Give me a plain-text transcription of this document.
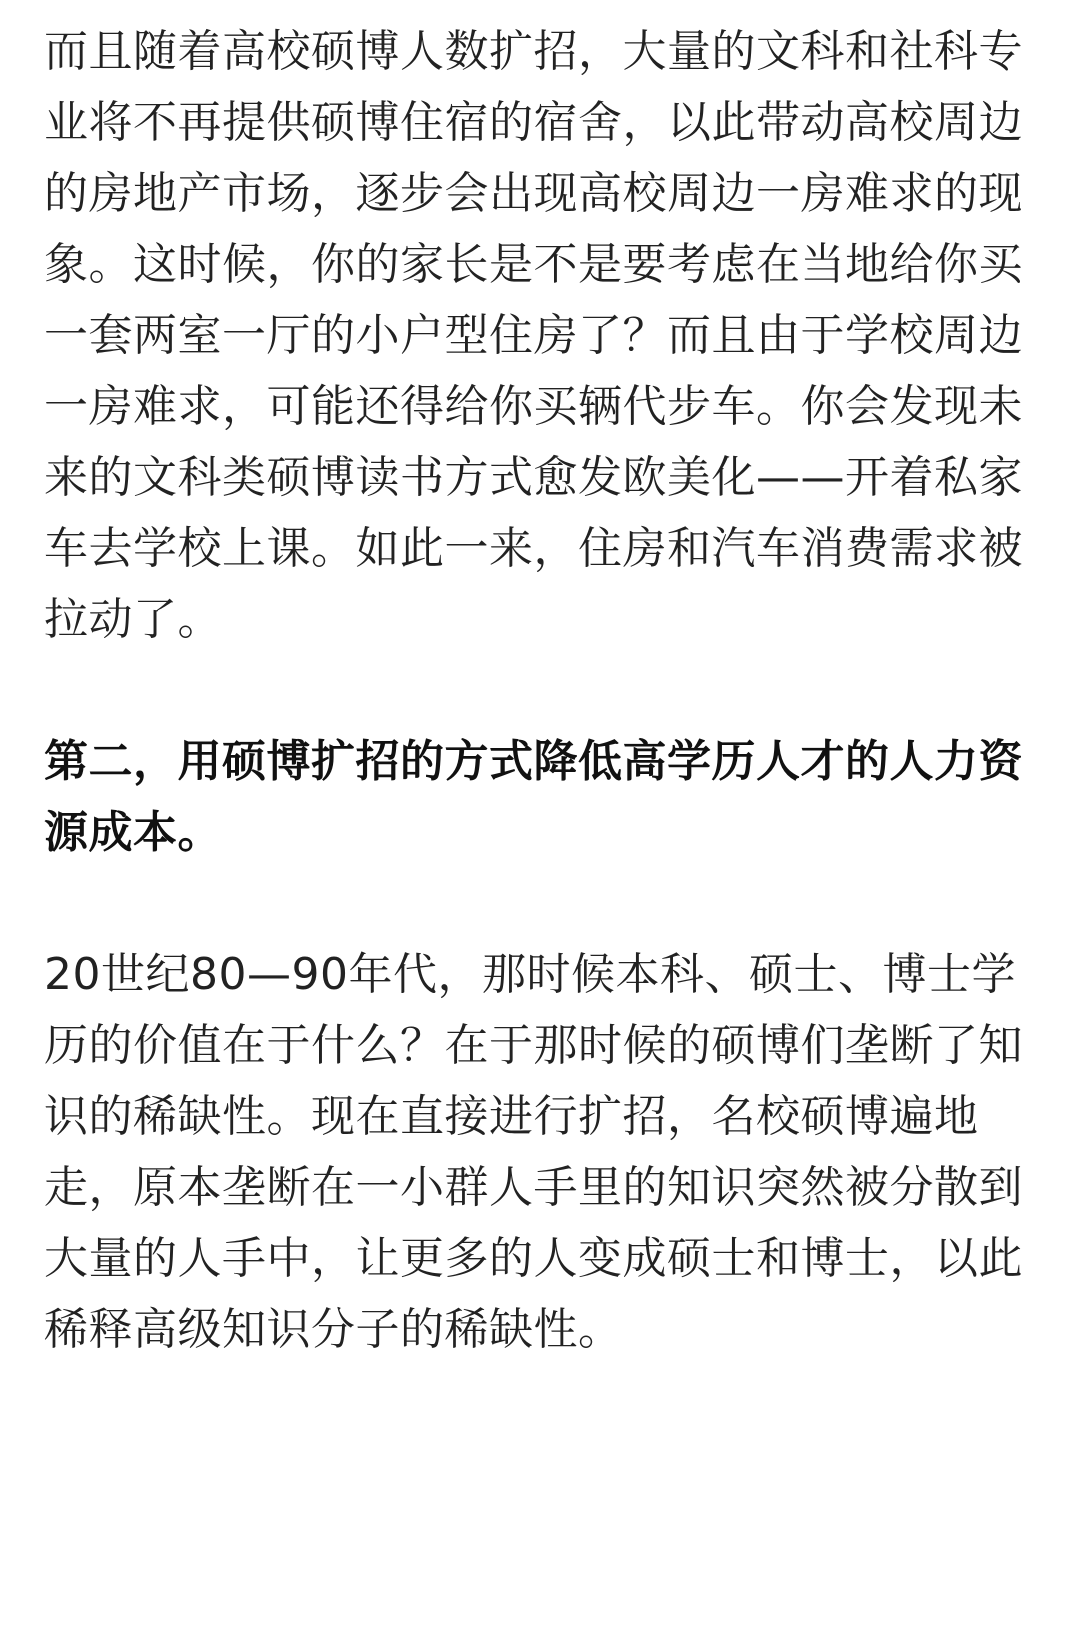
而且随着高校硕博人数扩招，大量的文科和社科专业将不再提供硕博住宿的宿舍，以此带动高校周边的房地产市场，逐步会出现高校周边一房难求的现象。这时候，你的家长是不是要考虑在当地给你买一套两室一厅的小户型住房了？而且由于学校周边一房难求，可能还得给你买辆代步车。你会发现未来的文科类硕博读书方式愈发欧美化——开着私家车去学校上课。如此一来，住房和汽车消费需求被拉动了。

第二，用硕博扩招的方式降低高学历人才的人力资源成本。

20世纪80—90年代，那时候本科、硕士、博士学历的价值在于什么？在于那时候的硕博们垄断了知识的稀缺性。现在直接进行扩招，名校硕博遍地走，原本垄断在一小群人手里的知识突然被分散到大量的人手中，让更多的人变成硕士和博士，以此稀释高级知识分子的稀缺性。
